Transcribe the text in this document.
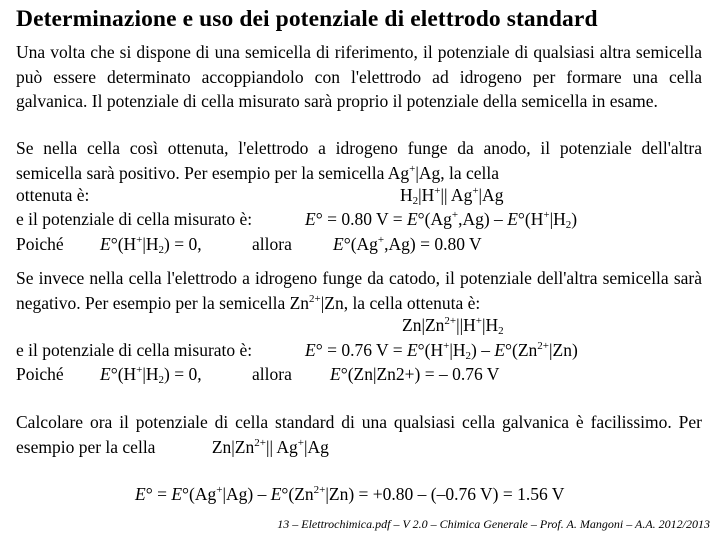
Determinazione e uso dei potenziale di elettrodo standard
Una volta che si dispone di una semicella di riferimento, il potenziale di qualsiasi altra semicella può essere determinato accoppiandolo con l'elettrodo ad idrogeno per formare una cella galvanica. Il potenziale di cella misurato sarà proprio il potenziale della semicella in esame.
Se nella cella così ottenuta, l'elettrodo a idrogeno funge da anodo, il potenziale dell'altra semicella sarà positivo. Per esempio per la semicella Ag+|Ag, la cella
ottenuta è:	$H_2|H^+||$ Ag+|Ag
e il potenziale di cella misurato è:	E° = 0.80 $V = E^\circ(Ag^+,Ag) - E^\circ(H^+|H_2)$
Poiché $E^\circ(H^+|H_2) = 0$,	allora E°(Ag+,Ag) = 0.80 V
Se invece nella cella l'elettrodo a idrogeno funge da catodo, il potenziale dell'altra semicella sarà negativo. Per esempio per la semicella $Zn^{2+}|Zn$, la cella ottenuta è:
$Zn|Zn^{2+}||H^+|H_2$
e il potenziale di cella misurato è:	E° = 0.76 $V = E^\circ(H^+|H_2) - E^\circ(Zn^{2+}|Zn)$
Poiché $E^\circ(H^+|H_2) = 0$,	allora E°(Zn|Zn2+) = – 0.76 V
Calcolare ora il potenziale di cella standard di una qualsiasi cella galvanica è facilissimo. Per esempio per la cella	$Zn|Zn^{2+}||$ Ag+|Ag
$E^\circ = E^\circ(Ag^+|Ag) - E^\circ(Zn^{2+}|Zn) = +0.80 - (-0.76$ V) = 1.56 V
13 – Elettrochimica.pdf – V 2.0 – Chimica Generale – Prof. A. Mangoni – A.A. 2012/2013
